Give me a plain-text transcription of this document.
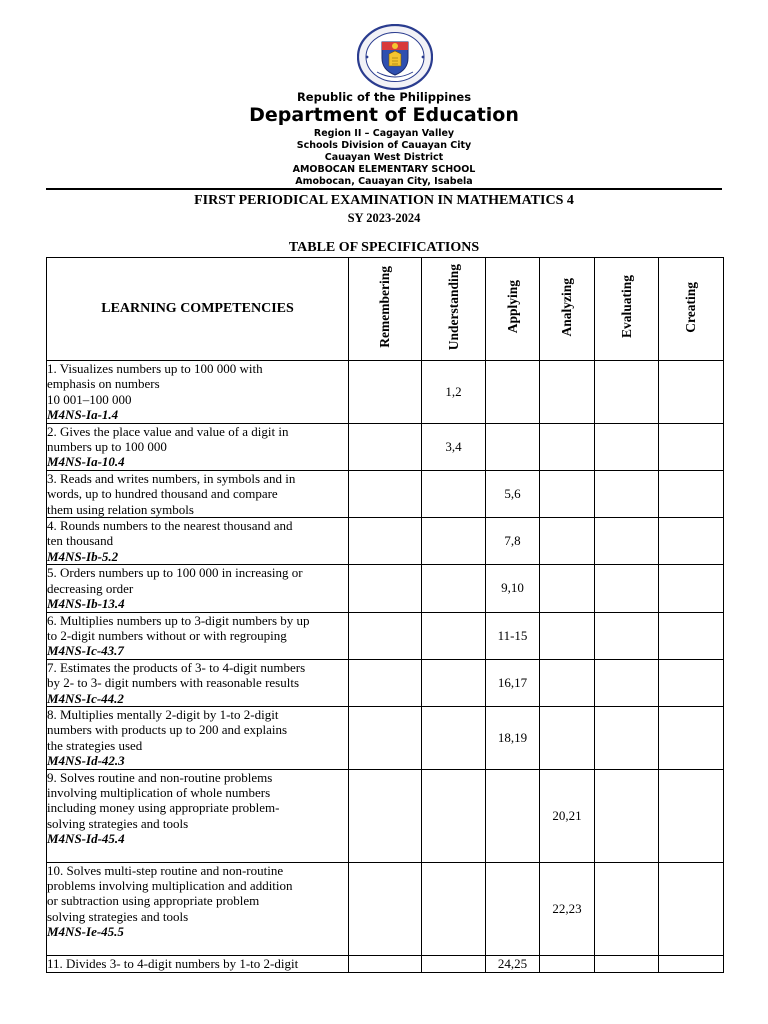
Republic of the Philippines
Department of Education
Region II – Cagayan Valley
Schools Division of Cauayan City
Cauayan West District
AMOBOCAN ELEMENTARY SCHOOL
Amobocan, Cauayan City, Isabela
FIRST PERIODICAL EXAMINATION IN MATHEMATICS 4
SY 2023-2024
TABLE OF SPECIFICATIONS
LEARNING COMPETENCIES	Remembering	Understanding	Applying	Analyzing	Evaluating	Creating

1. Visualizes numbers up to 100 000 with
emphasis on numbers
10 001–100 000
M4NS-Ia-1.4		1,2				

2. Gives the place value and value of a digit in
numbers up to 100 000
M4NS-Ia-10.4		3,4				

3. Reads and writes numbers, in symbols and in
words, up to hundred thousand and compare
them using relation symbols			5,6			

4. Rounds numbers to the nearest thousand and
ten thousand
M4NS-Ib-5.2			7,8			

5. Orders numbers up to 100 000 in increasing or
decreasing order
M4NS-Ib-13.4			9,10			

6. Multiplies numbers up to 3-digit numbers by up
to 2-digit numbers without or with regrouping
M4NS-Ic-43.7			11-15			

7. Estimates the products of 3- to 4-digit numbers
by 2- to 3- digit numbers with reasonable results
M4NS-Ic-44.2			16,17			

8. Multiplies mentally 2-digit by 1-to 2-digit
numbers with products up to 200 and explains
the strategies used
M4NS-Id-42.3			18,19			

9. Solves routine and non-routine problems
involving multiplication of whole numbers
including money using appropriate problem-
solving strategies and tools
M4NS-Id-45.4				20,21		

10. Solves multi-step routine and non-routine
problems involving multiplication and addition
or subtraction using appropriate problem
solving strategies and tools
M4NS-Ie-45.5				22,23		

11. Divides 3- to 4-digit numbers by 1-to 2-digit			24,25			
